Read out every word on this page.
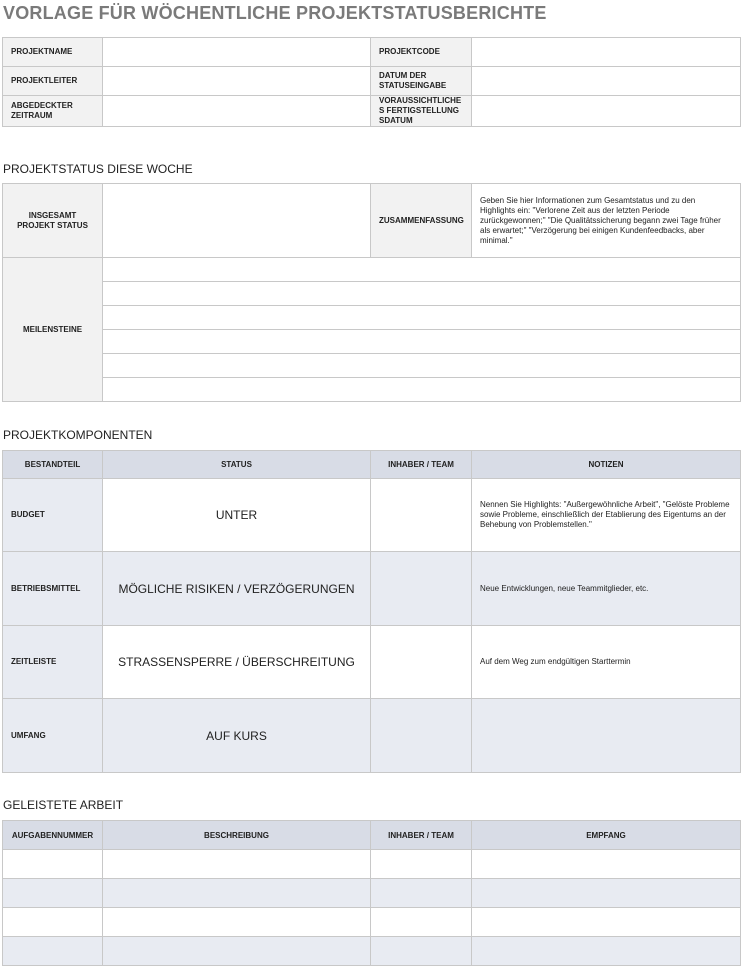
VORLAGE FÜR WÖCHENTLICHE PROJEKTSTATUSBERICHTE
PROJEKTNAME		PROJEKTCODE	
PROJEKTLEITER		DATUM DER STATUSEINGABE	
ABGEDECKTER ZEITRAUM		VORAUSSICHTLICHES FERTIGSTELLUNGSDATUM	
PROJEKTSTATUS DIESE WOCHE
INSGESAMT PROJEKT STATUS		ZUSAMMENFASSUNG	Geben Sie hier Informationen zum Gesamtstatus und zu den Highlights ein: "Verlorene Zeit aus der letzten Periode zurückgewonnen;" "Die Qualitätssicherung begann zwei Tage früher als erwartet;" "Verzögerung bei einigen Kundenfeedbacks, aber minimal."
MEILENSTEINE			

PROJEKTKOMPONENTEN
BESTANDTEIL	STATUS	INHABER / TEAM	NOTIZEN
BUDGET	UNTER		Nennen Sie Highlights: "Außergewöhnliche Arbeit", "Gelöste Probleme sowie Probleme, einschließlich der Etablierung des Eigentums an der Behebung von Problemstellen."
BETRIEBSMITTEL	MÖGLICHE RISIKEN / VERZÖGERUNGEN		Neue Entwicklungen, neue Teammitglieder, etc.
ZEITLEISTE	STRASSENSPERRE / ÜBERSCHREITUNG		Auf dem Weg zum endgültigen Starttermin
UMFANG	AUF KURS		
GELEISTETE ARBEIT
AUFGABENNUMMER	BESCHREIBUNG	INHABER / TEAM	EMPFANG
